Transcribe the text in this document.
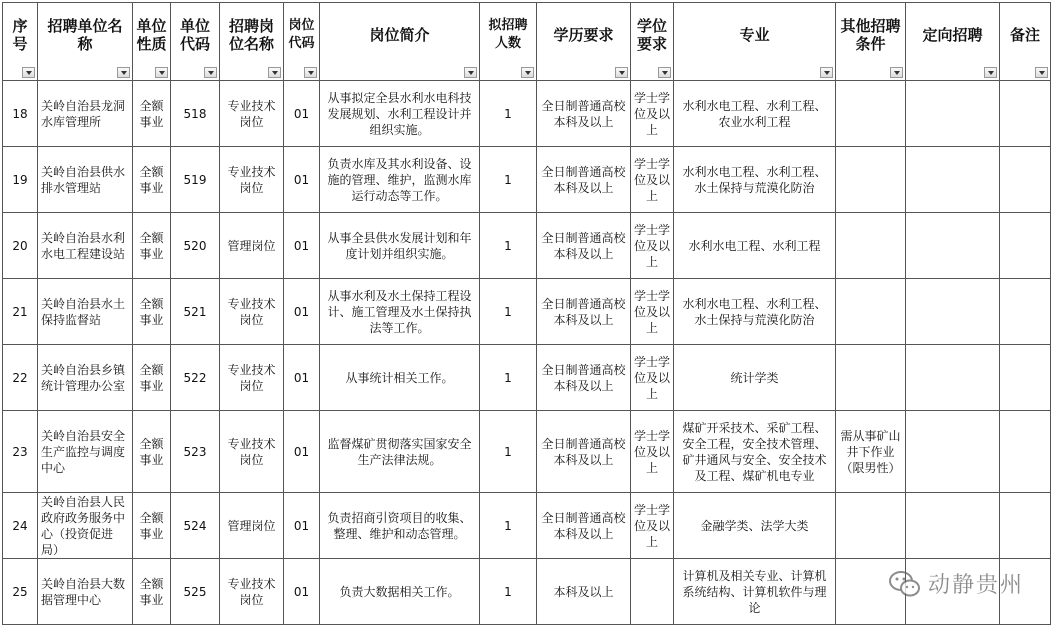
序号	招聘单位名称	单位性质	单位代码	招聘岗位名称	岗位代码	岗位简介	拟招聘人数	学历要求	学位要求	专业	其他招聘条件	定向招聘	备注

18	关岭自治县龙洞水库管理所	全额事业	518	专业技术岗位	01	从事拟定全县水利水电科技发展规划、水利工程设计并组织实施。	1	全日制普通高校本科及以上	学士学位及以上	水利水电工程、水利工程、农业水利工程			
19	关岭自治县供水排水管理站	全额事业	519	专业技术岗位	01	负责水库及其水利设备、设施的管理、维护，监测水库运行动态等工作。	1	全日制普通高校本科及以上	学士学位及以上	水利水电工程、水利工程、水土保持与荒漠化防治			
20	关岭自治县水利水电工程建设站	全额事业	520	管理岗位	01	从事全县供水发展计划和年度计划并组织实施。	1	全日制普通高校本科及以上	学士学位及以上	水利水电工程、水利工程			
21	关岭自治县水土保持监督站	全额事业	521	专业技术岗位	01	从事水利及水土保持工程设计、施工管理及水土保持执法等工作。	1	全日制普通高校本科及以上	学士学位及以上	水利水电工程、水利工程、水土保持与荒漠化防治			
22	关岭自治县乡镇统计管理办公室	全额事业	522	专业技术岗位	01	从事统计相关工作。	1	全日制普通高校本科及以上	学士学位及以上	统计学类			
23	关岭自治县安全生产监控与调度中心	全额事业	523	专业技术岗位	01	监督煤矿贯彻落实国家安全生产法律法规。	1	全日制普通高校本科及以上	学士学位及以上	煤矿开采技术、采矿工程、安全工程，安全技术管理、矿井通风与安全、安全技术及工程、煤矿机电专业	需从事矿山井下作业（限男性）		
24	关岭自治县人民政府政务服务中心（投资促进局）	全额事业	524	管理岗位	01	负责招商引资项目的收集、整理、维护和动态管理。	1	全日制普通高校本科及以上	学士学位及以上	金融学类、法学大类			
25	关岭自治县大数据管理中心	全额事业	525	专业技术岗位	01	负责大数据相关工作。	1	本科及以上		计算机及相关专业、计算机系统结构、计算机软件与理论			
动静贵州
